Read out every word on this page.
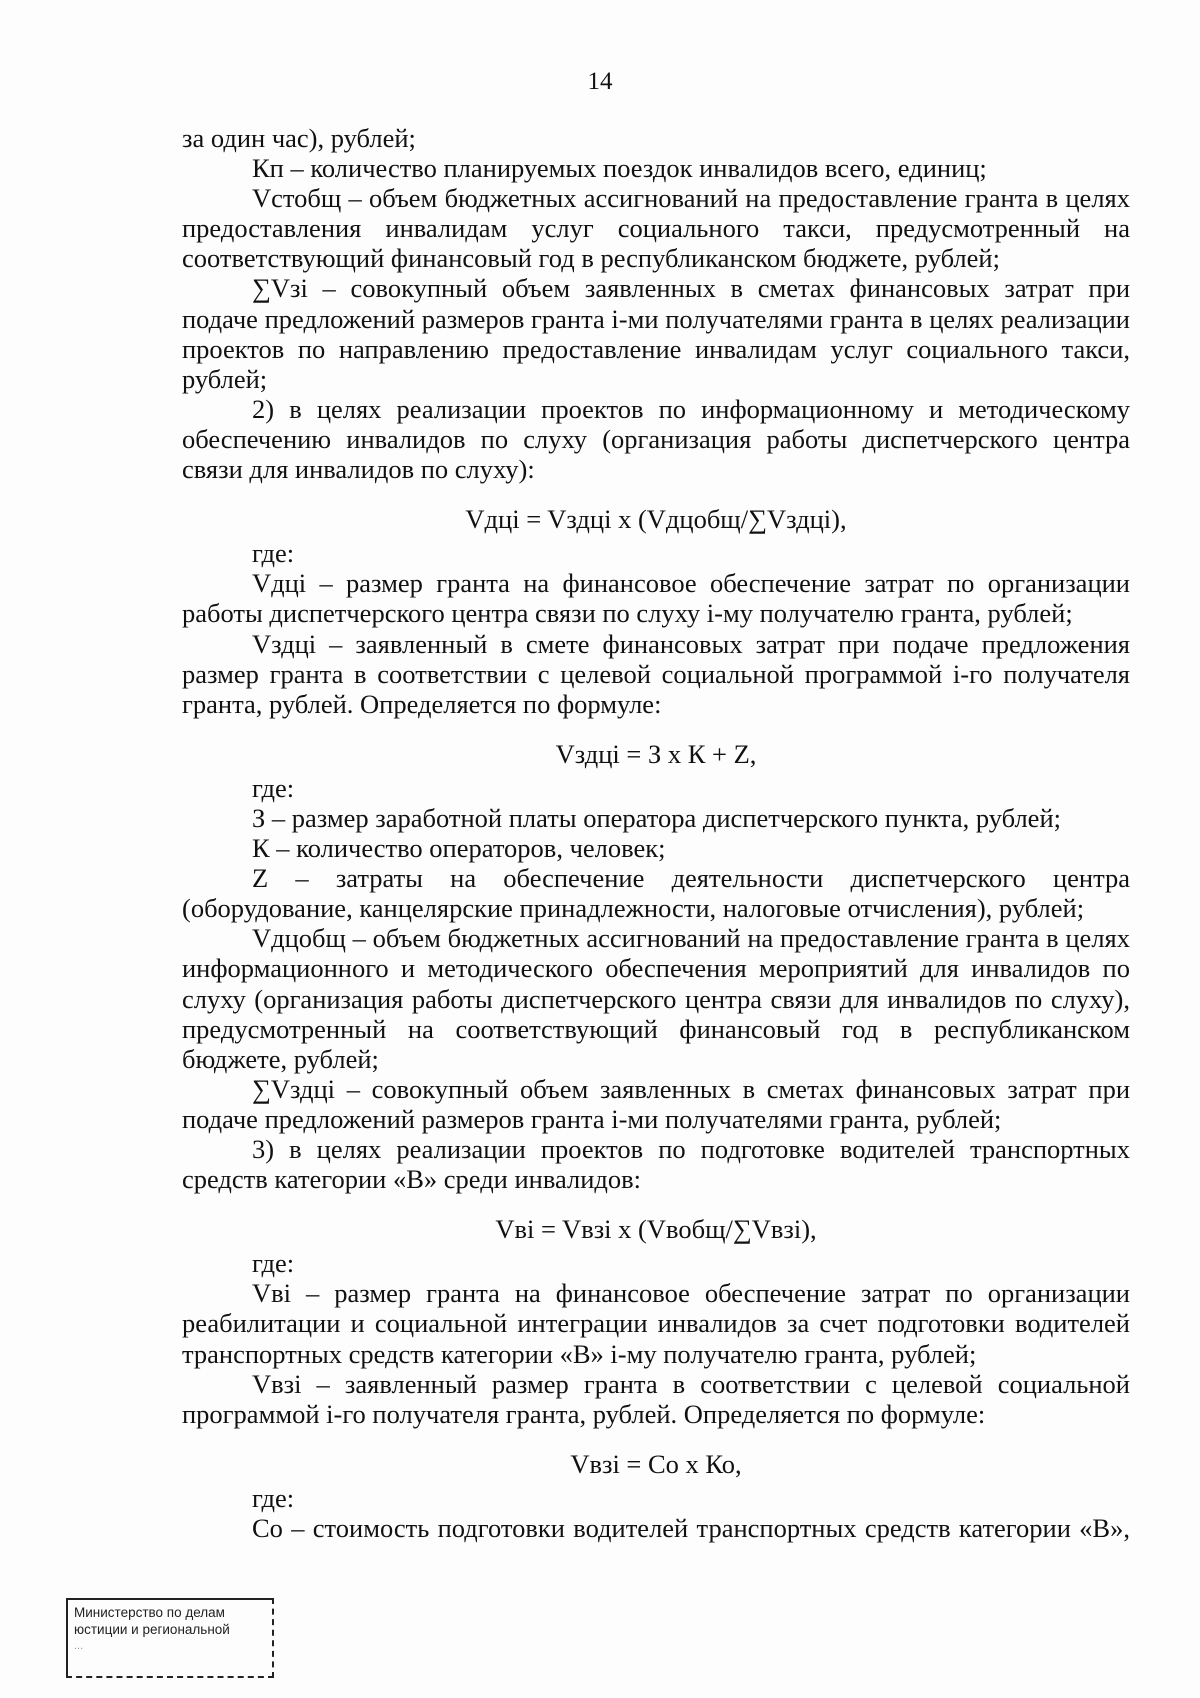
14

за один час), рублей;

Кп – количество планируемых поездок инвалидов всего, единиц;

Vстобщ – объем бюджетных ассигнований на предоставление гранта в целях предоставления инвалидам услуг социального такси, предусмотренный на соответствующий финансовый год в республиканском бюджете, рублей;

∑Vзi – совокупный объем заявленных в сметах финансовых затрат при подаче предложений размеров гранта i-ми получателями гранта в целях реализации проектов по направлению предоставление инвалидам услуг социального такси, рублей;

2) в целях реализации проектов по информационному и методическому обеспечению инвалидов по слуху (организация работы диспетчерского центра связи для инвалидов по слуху):

Vдцi = Vздцi х (Vдцобщ/∑Vздцi),

где:

Vдцi – размер гранта на финансовое обеспечение затрат по организации работы диспетчерского центра связи по слуху i-му получателю гранта, рублей;

Vздцi – заявленный в смете финансовых затрат при подаче предложения размер гранта в соответствии с целевой социальной программой i-го получателя гранта, рублей. Определяется по формуле:

Vздцi = З х К + Z,

где:

З – размер заработной платы оператора диспетчерского пункта, рублей;

К – количество операторов, человек;

Z – затраты на обеспечение деятельности диспетчерского центра (оборудование, канцелярские принадлежности, налоговые отчисления), рублей;

Vдцобщ – объем бюджетных ассигнований на предоставление гранта в целях информационного и методического обеспечения мероприятий для инвалидов по слуху (организация работы диспетчерского центра связи для инвалидов по слуху), предусмотренный на соответствующий финансовый год в республиканском бюджете, рублей;

∑Vздцi – совокупный объем заявленных в сметах финансовых затрат при подаче предложений размеров гранта i-ми получателями гранта, рублей;

3) в целях реализации проектов по подготовке водителей транспортных средств категории «В» среди инвалидов:

Vвi = Vвзi х (Vвобщ/∑Vвзi),

где:

Vвi – размер гранта на финансовое обеспечение затрат по организации реабилитации и социальной интеграции инвалидов за счет подготовки водителей транспортных средств категории «В» i-му получателю гранта, рублей;

Vвзi – заявленный размер гранта в соответствии с целевой социальной программой i-го получателя гранта, рублей. Определяется по формуле:

Vвзi = Со х Ко,

где:

Со – стоимость подготовки водителей транспортных средств категории «В»,

Министерство по делам
юстиции и региональной
...
